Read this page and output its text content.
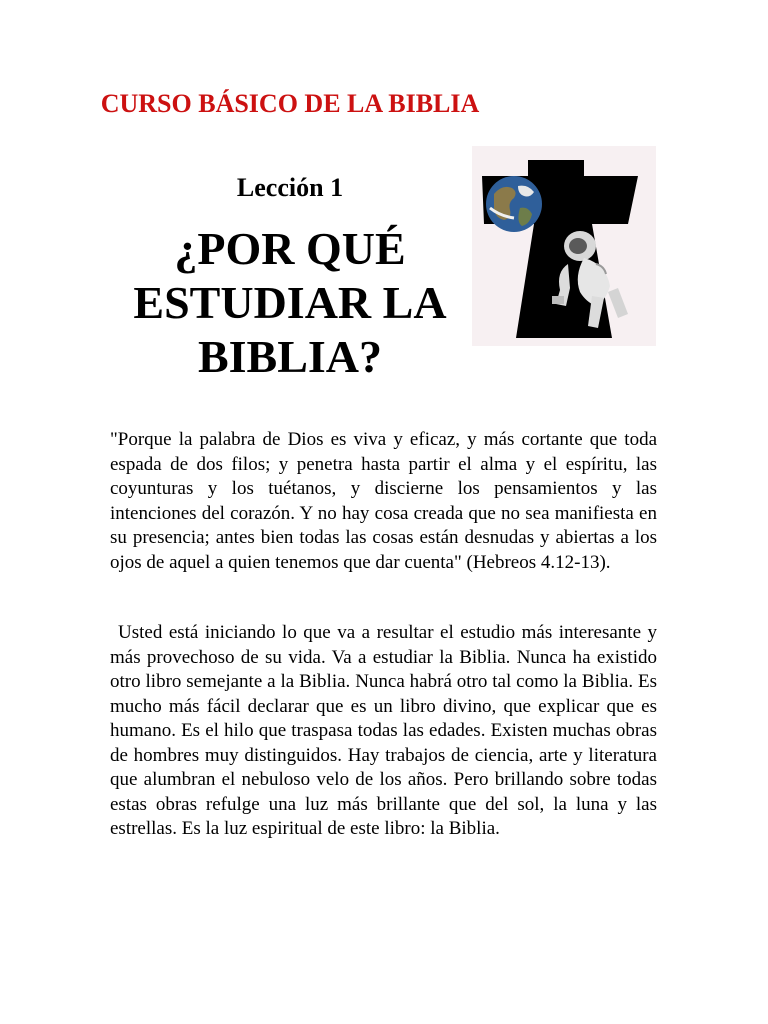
CURSO BÁSICO DE LA BIBLIA
Lección 1
¿POR QUÉ ESTUDIAR LA BIBLIA?

"Porque la palabra de Dios es viva y eficaz, y más cortante que toda espada de dos filos; y penetra hasta partir el alma y el espíritu, las coyunturas y los tuétanos, y discierne los pensamientos y las intenciones del corazón. Y no hay cosa creada que no sea manifiesta en su presencia; antes bien todas las cosas están desnudas y abiertas a los ojos de aquel a quien tenemos que dar cuenta" (Hebreos 4.12-13).

Usted está iniciando lo que va a resultar el estudio más interesante y más provechoso de su vida. Va a estudiar la Biblia. Nunca ha existido otro libro semejante a la Biblia. Nunca habrá otro tal como la Biblia. Es mucho más fácil declarar que es un libro divino, que explicar que es humano. Es el hilo que traspasa todas las edades. Existen muchas obras de hombres muy distinguidos. Hay trabajos de ciencia, arte y literatura que alumbran el nebuloso velo de los años. Pero brillando sobre todas estas obras refulge una luz más brillante que del sol, la luna y las estrellas. Es la luz espiritual de este libro: la Biblia.
